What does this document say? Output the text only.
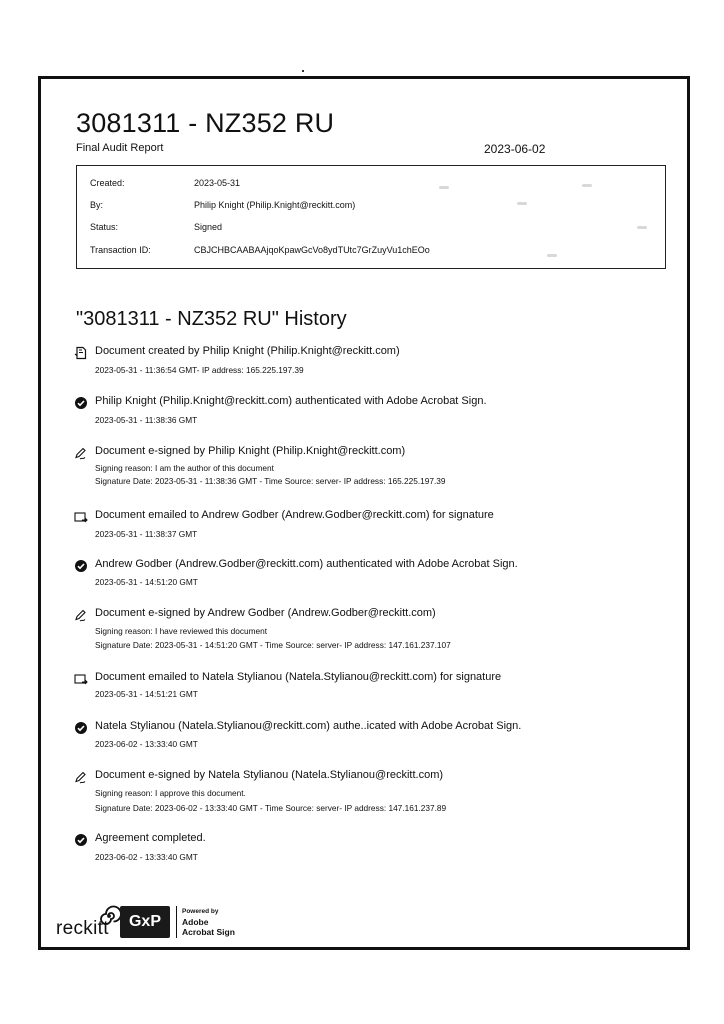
3081311 - NZ352 RU
Final Audit Report	2023-06-02
Created:	2023-05-31
By:	Philip Knight (Philip.Knight@reckitt.com)
Status:	Signed
Transaction ID:	CBJCHBCAABAAjqoKpawGcVo8ydTUtc7GrZuyVu1chEOo
"3081311 - NZ352 RU" History
Document created by Philip Knight (Philip.Knight@reckitt.com)
2023-05-31 - 11:36:54 GMT- IP address: 165.225.197.39
Philip Knight (Philip.Knight@reckitt.com) authenticated with Adobe Acrobat Sign.
2023-05-31 - 11:38:36 GMT
Document e-signed by Philip Knight (Philip.Knight@reckitt.com)
Signing reason: I am the author of this document
Signature Date: 2023-05-31 - 11:38:36 GMT - Time Source: server- IP address: 165.225.197.39
Document emailed to Andrew Godber (Andrew.Godber@reckitt.com) for signature
2023-05-31 - 11:38:37 GMT
Andrew Godber (Andrew.Godber@reckitt.com) authenticated with Adobe Acrobat Sign.
2023-05-31 - 14:51:20 GMT
Document e-signed by Andrew Godber (Andrew.Godber@reckitt.com)
Signing reason: I have reviewed this document
Signature Date: 2023-05-31 - 14:51:20 GMT - Time Source: server- IP address: 147.161.237.107
Document emailed to Natela Stylianou (Natela.Stylianou@reckitt.com) for signature
2023-05-31 - 14:51:21 GMT
Natela Stylianou (Natela.Stylianou@reckitt.com) authe..icated with Adobe Acrobat Sign.
2023-06-02 - 13:33:40 GMT
Document e-signed by Natela Stylianou (Natela.Stylianou@reckitt.com)
Signing reason: I approve this document.
Signature Date: 2023-06-02 - 13:33:40 GMT - Time Source: server- IP address: 147.161.237.89
Agreement completed.
2023-06-02 - 13:33:40 GMT
reckitt	GxP
Powered by
Adobe
Acrobat Sign
